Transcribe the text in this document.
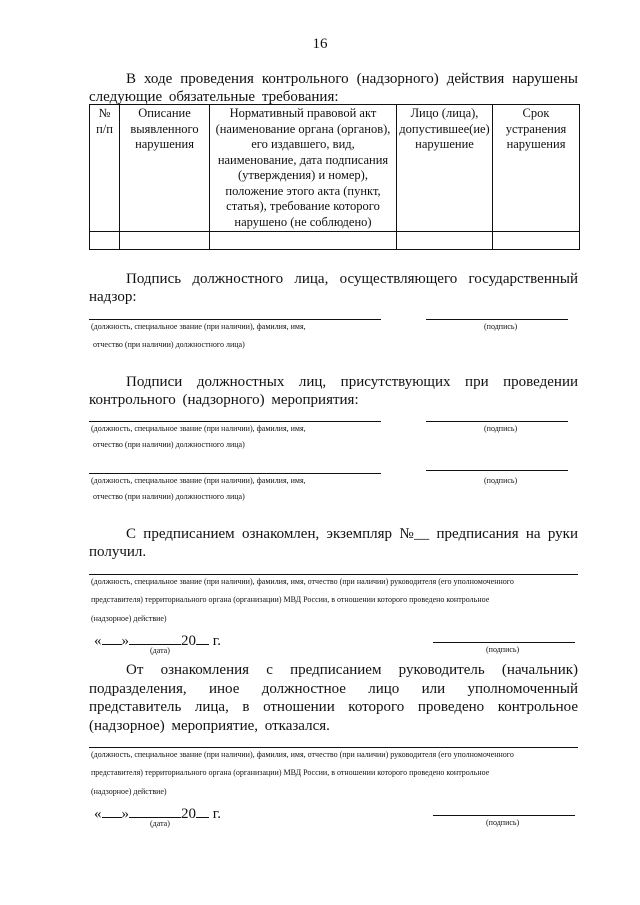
16
В ходе проведения контрольного (надзорного) действия нарушены
следующие обязательные требования:
№ п/п	Описание выявленного нарушения	Нормативный правовой акт (наименование органа (органов), его издавшего, вид, наименование, дата подписания (утверждения) и номер), положение этого акта (пункт, статья), требование которого нарушено (не соблюдено)	Лицо (лица), допустившее(ие) нарушение	Срок устранения нарушения

Подпись должностного лица, осуществляющего государственный
надзор:
(должность, специальное звание (при наличии), фамилия, имя,	(подпись)
отчество (при наличии) должностного лица)
Подписи должностных лиц, присутствующих при проведении
контрольного (надзорного) мероприятия:
(должность, специальное звание (при наличии), фамилия, имя,	(подпись)
отчество (при наличии) должностного лица)
(должность, специальное звание (при наличии), фамилия, имя,	(подпись)
отчество (при наличии) должностного лица)
С предписанием ознакомлен, экземпляр №__ предписания на руки
получил.
(должность, специальное звание (при наличии), фамилия, имя, отчество (при наличии) руководителя (его уполномоченного
представителя) территориального органа (организации) МВД России, в отношении которого проведено контрольное
(надзорное) действие)
« »	20 г.
(дата)	(подпись)
От ознакомления с предписанием руководитель (начальник)
подразделения, иное должностное лицо или уполномоченный
представитель лица, в отношении которого проведено контрольное
(надзорное) мероприятие, отказался.
(должность, специальное звание (при наличии), фамилия, имя, отчество (при наличии) руководителя (его уполномоченного
представителя) территориального органа (организации) МВД России, в отношении которого проведено контрольное
(надзорное) действие)
« »	20 г.
(дата)	(подпись)
